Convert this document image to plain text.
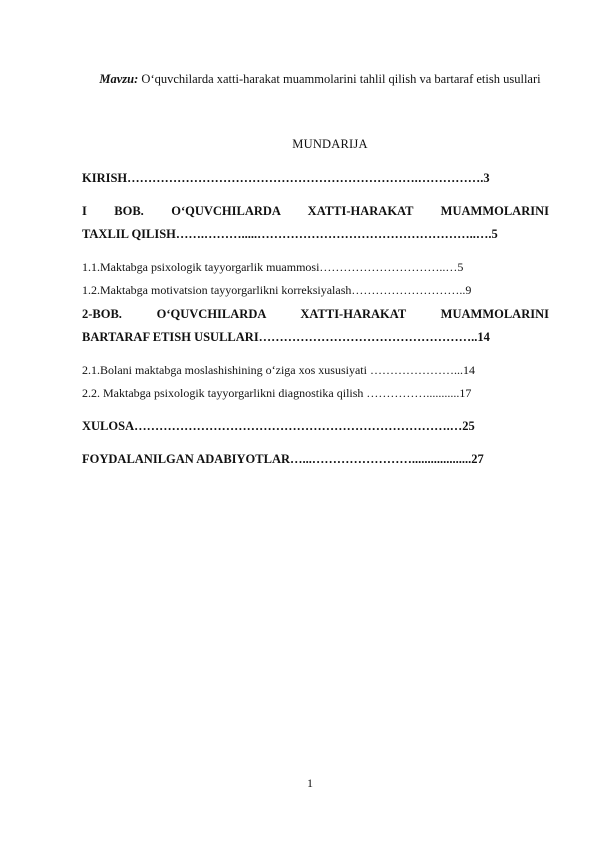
Mavzu: O‘quvchilarda xatti-harakat muammolarini tahlil qilish va bartaraf etish usullari
MUNDARIJA
KIRISH…………………………………………………………….…………….3
I BOB. O‘QUVCHILARDA XATTI-HARAKAT MUAMMOLARINI
TAXLIL QILISH…….……….....……………………………………………..….5
1.1.Maktabga psixologik tayyorgarlik muammosi…………………………..…5
1.2.Maktabga motivatsion tayyorgarlikni korreksiyalash………………………..9
2-BOB. O‘QUVCHILARDA XATTI-HARAKAT MUAMMOLARINI
BARTARAF ETISH USULLARI……………………………………………..14
2.1.Bolani maktabga moslashishining o‘ziga xos xususiyati …………………...14
2.2. Maktabga psixologik tayyorgarlikni diagnostika qilish ……………...........17
XULOSA………………………………………………………………….…25
FOYDALANILGAN ADABIYOTLAR…...……………………...................27
1
